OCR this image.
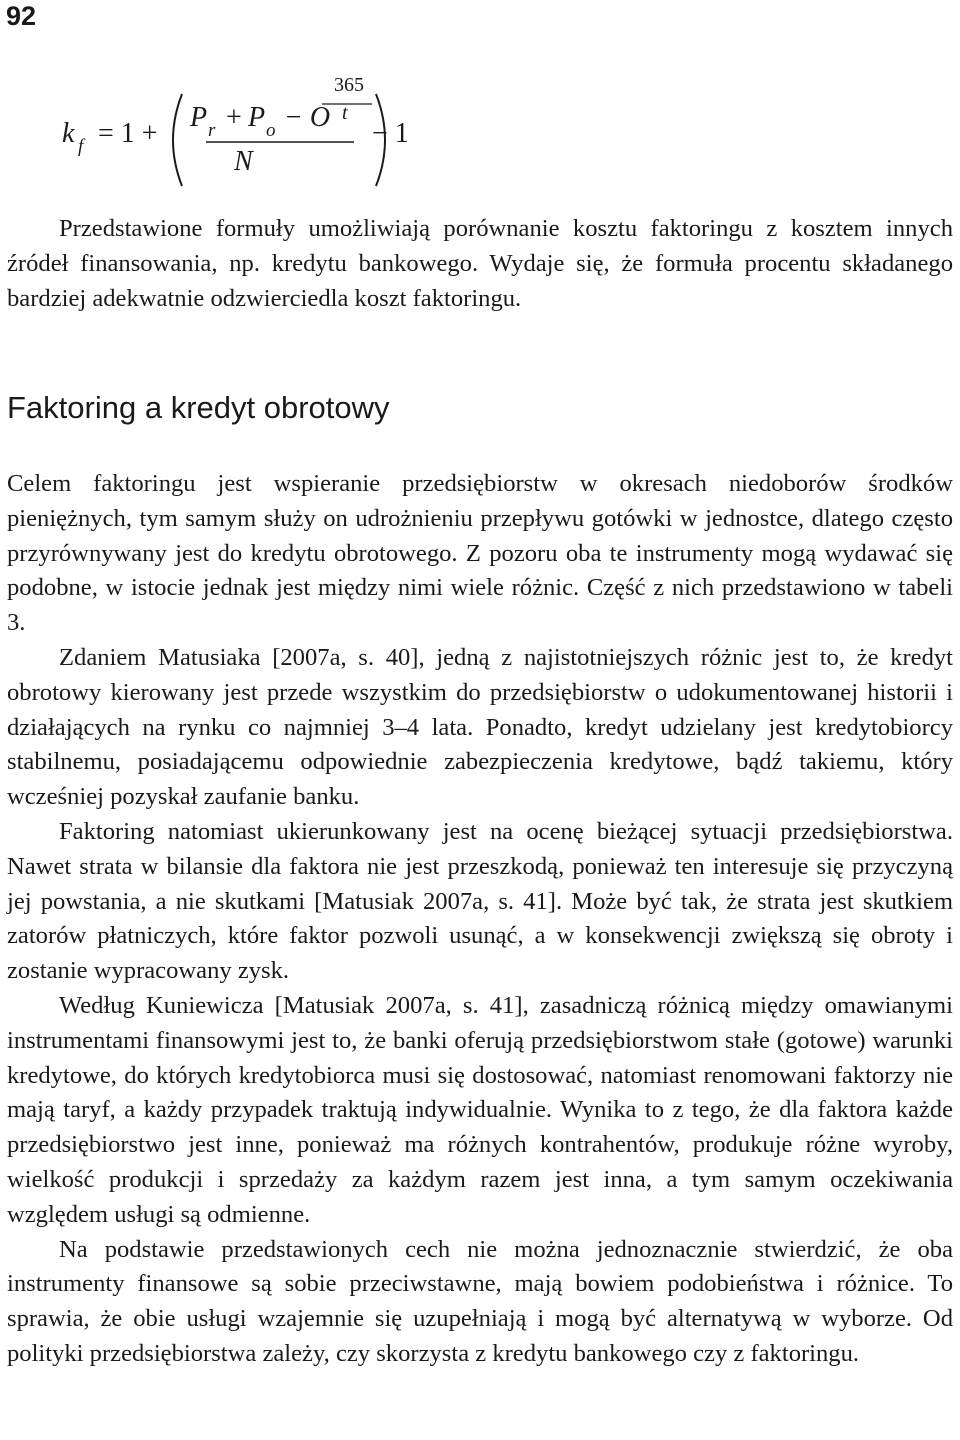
92
k f = 1 +
P r + P o − O
N
365
t
− 1

Przedstawione formuły umożliwiają porównanie kosztu faktoringu z kosztem innych źródeł finansowania, np. kredytu bankowego. Wydaje się, że formuła procentu składanego bardziej adekwatnie odzwierciedla koszt faktoringu.

Faktoring a kredyt obrotowy

Celem faktoringu jest wspieranie przedsiębiorstw w okresach niedoborów środków pieniężnych, tym samym służy on udrożnieniu przepływu gotówki w jednostce, dlatego często przyrównywany jest do kredytu obrotowego. Z pozoru oba te instrumenty mogą wydawać się podobne, w istocie jednak jest między nimi wiele różnic. Część z nich przedstawiono w tabeli 3.

Zdaniem Matusiaka [2007a, s. 40], jedną z najistotniejszych różnic jest to, że kredyt obrotowy kierowany jest przede wszystkim do przedsiębiorstw o udokumentowanej historii i działających na rynku co najmniej 3–4 lata. Ponadto, kredyt udzielany jest kredytobiorcy stabilnemu, posiadającemu odpowiednie zabezpieczenia kredytowe, bądź takiemu, który wcześniej pozyskał zaufanie banku.

Faktoring natomiast ukierunkowany jest na ocenę bieżącej sytuacji przedsiębiorstwa. Nawet strata w bilansie dla faktora nie jest przeszkodą, ponieważ ten interesuje się przyczyną jej powstania, a nie skutkami [Matusiak 2007a, s. 41]. Może być tak, że strata jest skutkiem zatorów płatniczych, które faktor pozwoli usunąć, a w konsekwencji zwiększą się obroty i zostanie wypracowany zysk.

Według Kuniewicza [Matusiak 2007a, s. 41], zasadniczą różnicą między omawianymi instrumentami finansowymi jest to, że banki oferują przedsiębiorstwom stałe (gotowe) warunki kredytowe, do których kredytobiorca musi się dostosować, natomiast renomowani faktorzy nie mają taryf, a każdy przypadek traktują indywidualnie. Wynika to z tego, że dla faktora każde przedsiębiorstwo jest inne, ponieważ ma różnych kontrahentów, produkuje różne wyroby, wielkość produkcji i sprzedaży za każdym razem jest inna, a tym samym oczekiwania względem usługi są odmienne.

Na podstawie przedstawionych cech nie można jednoznacznie stwierdzić, że oba instrumenty finansowe są sobie przeciwstawne, mają bowiem podobieństwa i różnice. To sprawia, że obie usługi wzajemnie się uzupełniają i mogą być alternatywą w wyborze. Od polityki przedsiębiorstwa zależy, czy skorzysta z kredytu bankowego czy z faktoringu.
